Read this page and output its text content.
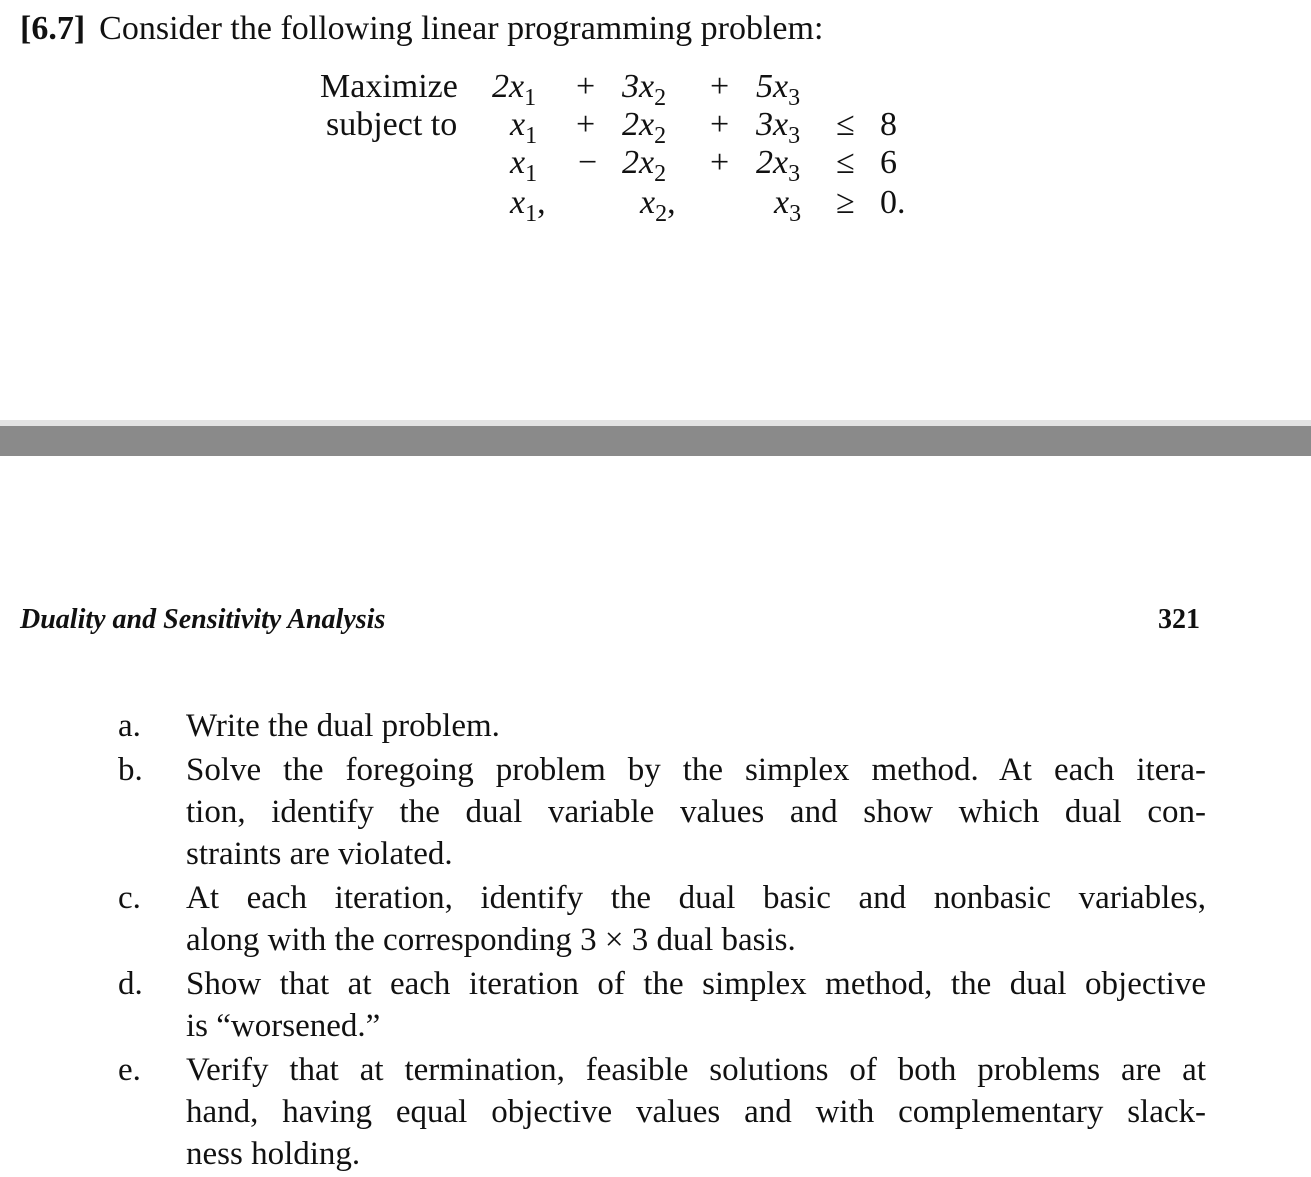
[6.7] Consider the following linear programming problem:
Maximize $2x_1 + 3x_2 + 5x_3$
subject to $x_1 + 2x_2 + 3x_3 \le 8$
$x_1 - 2x_2 + 2x_3 \le 6$
$x_1$,	$x_2$,	$x_3 \ge 0$.
Duality and Sensitivity Analysis	321
a. Write the dual problem.
b. Solve the foregoing problem by the simplex method. At each itera-
tion, identify the dual variable values and show which dual con-
straints are violated.
c. At each iteration, identify the dual basic and nonbasic variables,
along with the corresponding 3 × 3 dual basis.
d. Show that at each iteration of the simplex method, the dual objective
is “worsened.”
e. Verify that at termination, feasible solutions of both problems are at
hand, having equal objective values and with complementary slack-
ness holding.
